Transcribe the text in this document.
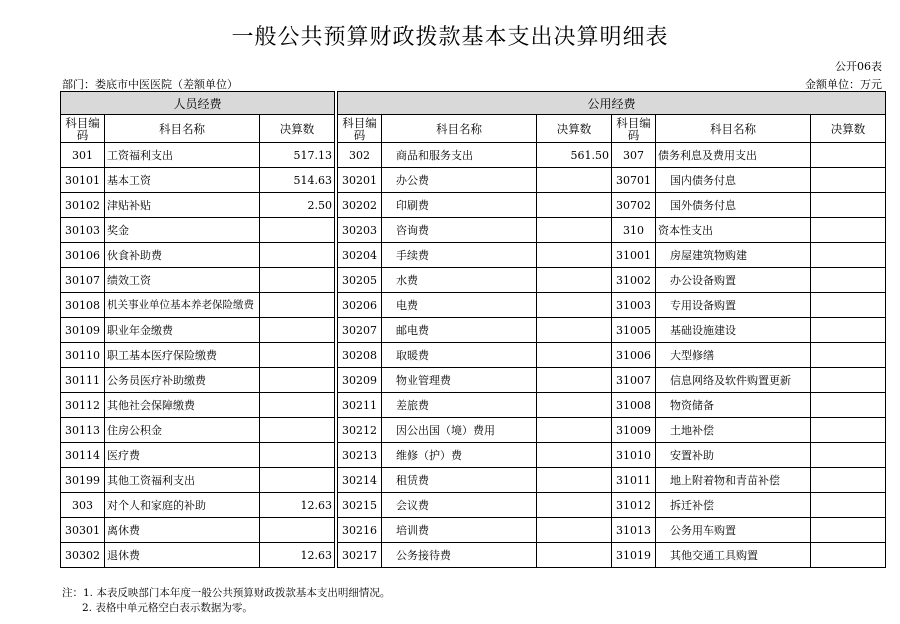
一般公共预算财政拨款基本支出决算明细表
公开06表
部门：娄底市中医医院（差额单位）	金额单位：万元
人员经费				公用经费					
科目编码	科目名称	决算数		科目编码	科目名称	决算数	科目编码	科目名称	决算数
301	工资福利支出	517.13		302	商品和服务支出	561.50	307	债务利息及费用支出	
30101	基本工资	514.63		30201	办公费		30701	国内债务付息	
30102	津贴补贴	2.50		30202	印刷费		30702	国外债务付息	
30103	奖金			30203	咨询费		310	资本性支出	
30106	伙食补助费			30204	手续费		31001	房屋建筑物购建	
30107	绩效工资			30205	水费		31002	办公设备购置	
30108	机关事业单位基本养老保险缴费			30206	电费		31003	专用设备购置	
30109	职业年金缴费			30207	邮电费		31005	基础设施建设	
30110	职工基本医疗保险缴费			30208	取暖费		31006	大型修缮	
30111	公务员医疗补助缴费			30209	物业管理费		31007	信息网络及软件购置更新	
30112	其他社会保障缴费			30211	差旅费		31008	物资储备	
30113	住房公积金			30212	因公出国（境）费用		31009	土地补偿	
30114	医疗费			30213	维修（护）费		31010	安置补助	
30199	其他工资福利支出			30214	租赁费		31011	地上附着物和青苗补偿	
303	对个人和家庭的补助	12.63		30215	会议费		31012	拆迁补偿	
30301	离休费			30216	培训费		31013	公务用车购置	
30302	退休费	12.63		30217	公务接待费		31019	其他交通工具购置	
注：1. 本表反映部门本年度一般公共预算财政拨款基本支出明细情况。
2. 表格中单元格空白表示数据为零。
